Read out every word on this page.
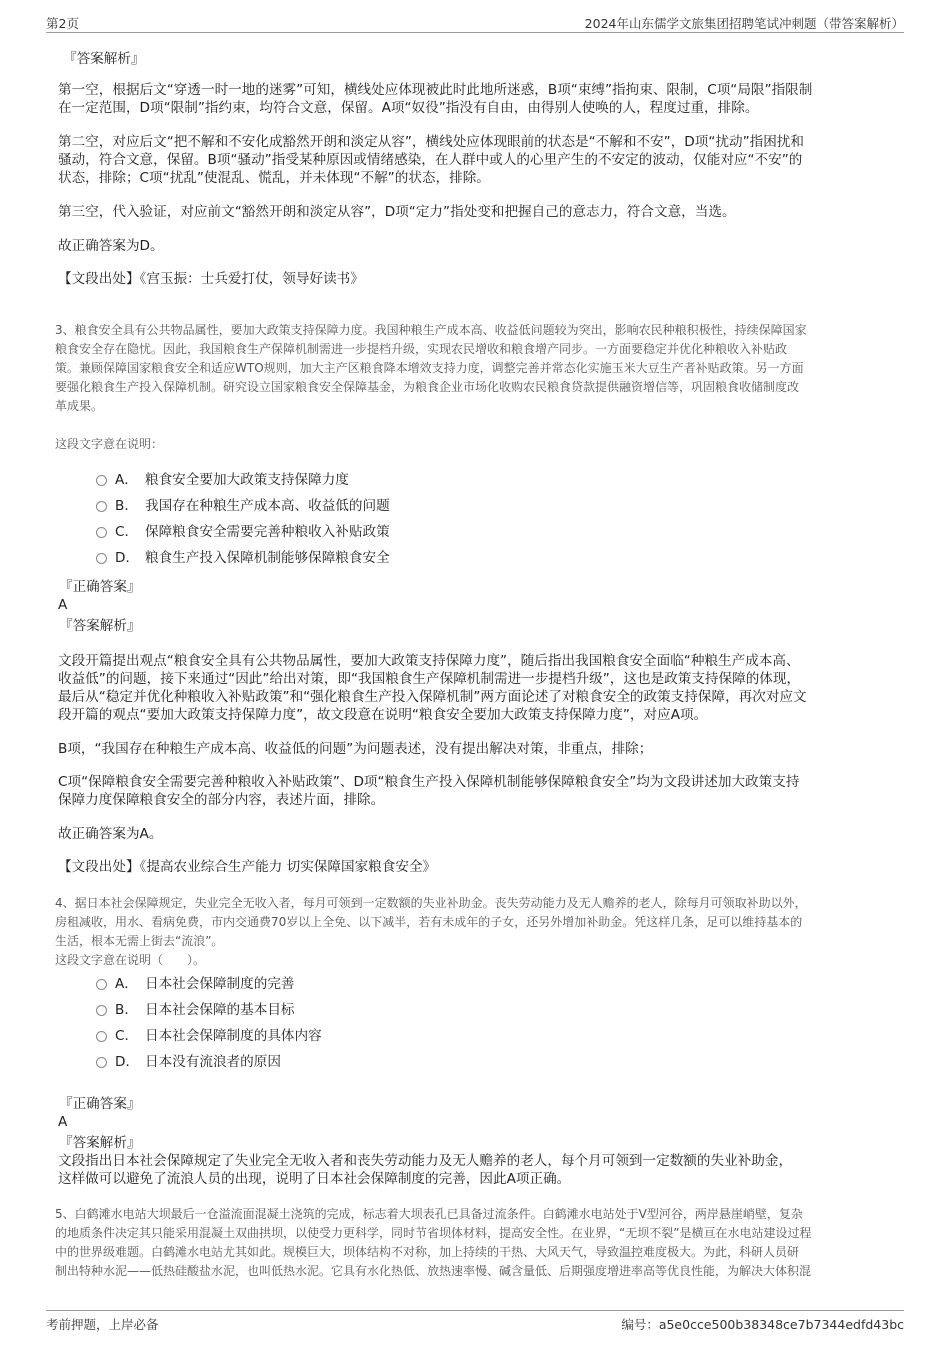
第2页	2024年山东儒学文旅集团招聘笔试冲刺题（带答案解析）
『答案解析』
第一空，根据后文“穿透一时一地的迷雾”可知，横线处应体现被此时此地所迷惑，B项“束缚”指拘束、限制，C项“局限”指限制
在一定范围，D项“限制”指约束，均符合文意，保留。A项“奴役”指没有自由，由得别人使唤的人，程度过重，排除。
第二空，对应后文“把不解和不安化成豁然开朗和淡定从容”，横线处应体现眼前的状态是“不解和不安”，D项“扰动”指困扰和
骚动，符合文意，保留。B项“骚动”指受某种原因或情绪感染，在人群中或人的心里产生的不安定的波动，仅能对应“不安”的
状态，排除；C项“扰乱”使混乱、慌乱，并未体现“不解”的状态，排除。
第三空，代入验证，对应前文“豁然开朗和淡定从容”，D项“定力”指处变和把握自己的意志力，符合文意，当选。
故正确答案为D。
【文段出处】《宫玉振：士兵爱打仗，领导好读书》
3、粮食安全具有公共物品属性，要加大政策支持保障力度。我国种粮生产成本高、收益低问题较为突出，影响农民种粮积极性，持续保障国家
粮食安全存在隐忧。因此，我国粮食生产保障机制需进一步提档升级，实现农民增收和粮食增产同步。一方面要稳定并优化种粮收入补贴政
策。兼顾保障国家粮食安全和适应WTO规则，加大主产区粮食降本增效支持力度，调整完善并常态化实施玉米大豆生产者补贴政策。另一方面
要强化粮食生产投入保障机制。研究设立国家粮食安全保障基金，为粮食企业市场化收购农民粮食贷款提供融资增信等，巩固粮食收储制度改
革成果。
这段文字意在说明：
A． 粮食安全要加大政策支持保障力度
B． 我国存在种粮生产成本高、收益低的问题
C． 保障粮食安全需要完善种粮收入补贴政策
D． 粮食生产投入保障机制能够保障粮食安全
『正确答案』
A
『答案解析』
文段开篇提出观点“粮食安全具有公共物品属性，要加大政策支持保障力度”，随后指出我国粮食安全面临“种粮生产成本高、
收益低”的问题，接下来通过“因此”给出对策，即“我国粮食生产保障机制需进一步提档升级”，这也是政策支持保障的体现，
最后从“稳定并优化种粮收入补贴政策”和“强化粮食生产投入保障机制”两方面论述了对粮食安全的政策支持保障，再次对应文
段开篇的观点“要加大政策支持保障力度”，故文段意在说明“粮食安全要加大政策支持保障力度”，对应A项。
B项，“我国存在种粮生产成本高、收益低的问题”为问题表述，没有提出解决对策，非重点，排除；
C项“保障粮食安全需要完善种粮收入补贴政策”、D项“粮食生产投入保障机制能够保障粮食安全”均为文段讲述加大政策支持
保障力度保障粮食安全的部分内容，表述片面，排除。
故正确答案为A。
【文段出处】《提高农业综合生产能力 切实保障国家粮食安全》
4、据日本社会保障规定，失业完全无收入者，每月可领到一定数额的失业补助金。丧失劳动能力及无人赡养的老人，除每月可领取补助以外，
房租减收，用水、看病免费，市内交通费70岁以上全免、以下减半，若有未成年的子女，还另外增加补助金。凭这样几条，足可以维持基本的
生活，根本无需上街去“流浪”。
这段文字意在说明（　　）。
A． 日本社会保障制度的完善
B． 日本社会保障的基本目标
C． 日本社会保障制度的具体内容
D． 日本没有流浪者的原因
『正确答案』
A
『答案解析』
文段指出日本社会保障规定了失业完全无收入者和丧失劳动能力及无人赡养的老人，每个月可领到一定数额的失业补助金，
这样做可以避免了流浪人员的出现，说明了日本社会保障制度的完善，因此A项正确。
5、白鹤滩水电站大坝最后一仓溢流面混凝土浇筑的完成，标志着大坝表孔已具备过流条件。白鹤滩水电站处于V型河谷，两岸悬崖峭壁，复杂
的地质条件决定其只能采用混凝土双曲拱坝，以使受力更科学，同时节省坝体材料，提高安全性。在业界，“无坝不裂”是横亘在水电站建设过程
中的世界级难题。白鹤滩水电站尤其如此。规模巨大，坝体结构不对称，加上持续的干热、大风天气，导致温控难度极大。为此，科研人员研
制出特种水泥——低热硅酸盐水泥，也叫低热水泥。它具有水化热低、放热速率慢、碱含量低、后期强度增进率高等优良性能，为解决大体积混
考前押题，上岸必备	编号：a5e0cce500b38348ce7b7344edfd43bc
